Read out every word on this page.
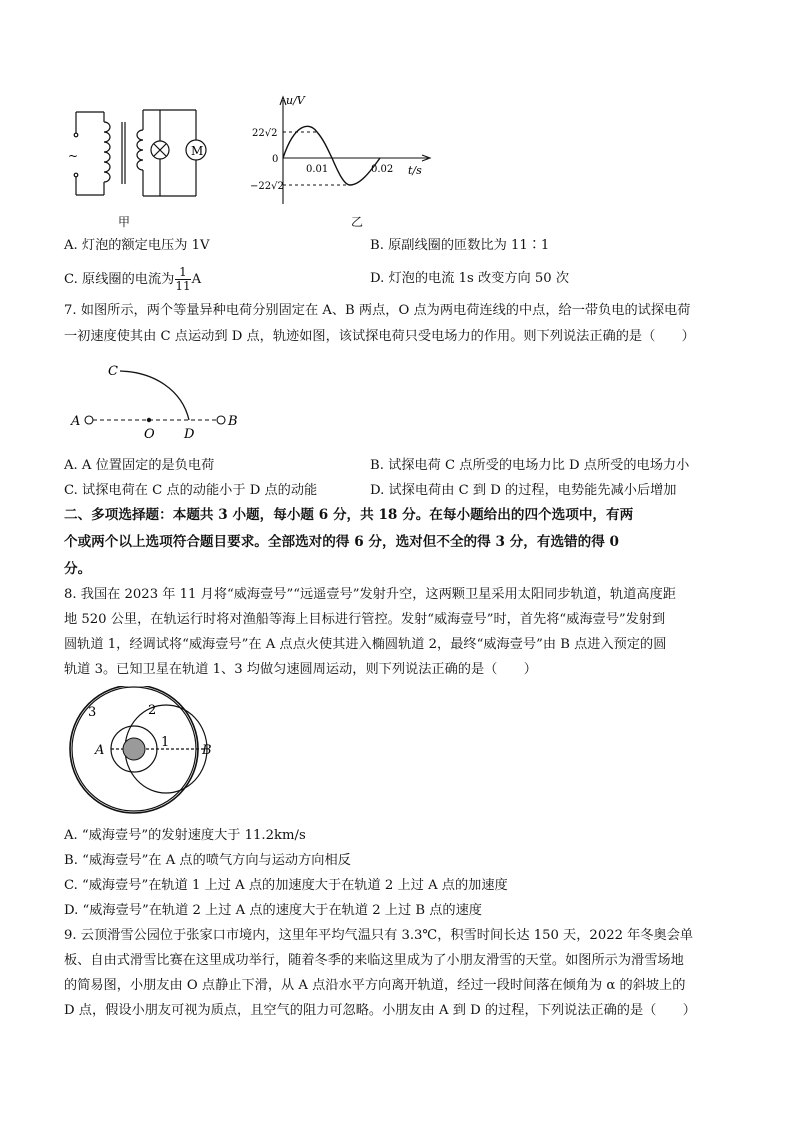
~	M
甲
u/V
22√2
0
−22√2
0.01	0.02 t/s
乙
A. 灯泡的额定电压为 1V	B. 原副线圈的匝数比为 11∶1
C. 原线圈的电流为 $\frac{1}{11}$ A	D. 灯泡的电流 1s 改变方向 50 次
7. 如图所示，两个等量异种电荷分别固定在 A、B 两点，O 点为两电荷连线的中点，给一带负电的试探电荷
一初速度使其由 C 点运动到 D 点，轨迹如图，该试探电荷只受电场力的作用。则下列说法正确的是（　　）
C
A
O D
B
A. A 位置固定的是负电荷	B. 试探电荷 C 点所受的电场力比 D 点所受的电场力小
C. 试探电荷在 C 点的动能小于 D 点的动能	D. 试探电荷由 C 到 D 的过程，电势能先减小后增加
二、多项选择题：本题共 3 小题，每小题 6 分，共 18 分。在每小题给出的四个选项中，有两
个或两个以上选项符合题目要求。全部选对的得 6 分，选对但不全的得 3 分，有选错的得 0
分。
8. 我国在 2023 年 11 月将“威海壹号”“远遥壹号”发射升空，这两颗卫星采用太阳同步轨道，轨道高度距
地 520 公里，在轨运行时将对渔船等海上目标进行管控。发射“威海壹号”时，首先将“威海壹号”发射到
圆轨道 1，经调试将“威海壹号”在 A 点点火使其进入椭圆轨道 2，最终“威海壹号”由 B 点进入预定的圆
轨道 3。已知卫星在轨道 1、3 均做匀速圆周运动，则下列说法正确的是（　　）
3	2
1
A	B
A. “威海壹号”的发射速度大于 11.2km/s
B. “威海壹号”在 A 点的喷气方向与运动方向相反
C. “威海壹号”在轨道 1 上过 A 点的加速度大于在轨道 2 上过 A 点的加速度
D. “威海壹号”在轨道 2 上过 A 点的速度大于在轨道 2 上过 B 点的速度
9. 云顶滑雪公园位于张家口市境内，这里年平均气温只有 3.3℃，积雪时间长达 150 天，2022 年冬奥会单
板、自由式滑雪比赛在这里成功举行，随着冬季的来临这里成为了小朋友滑雪的天堂。如图所示为滑雪场地
的简易图，小朋友由 O 点静止下滑，从 A 点沿水平方向离开轨道，经过一段时间落在倾角为 α 的斜坡上的
D 点，假设小朋友可视为质点，且空气的阻力可忽略。小朋友由 A 到 D 的过程，下列说法正确的是（　　）
